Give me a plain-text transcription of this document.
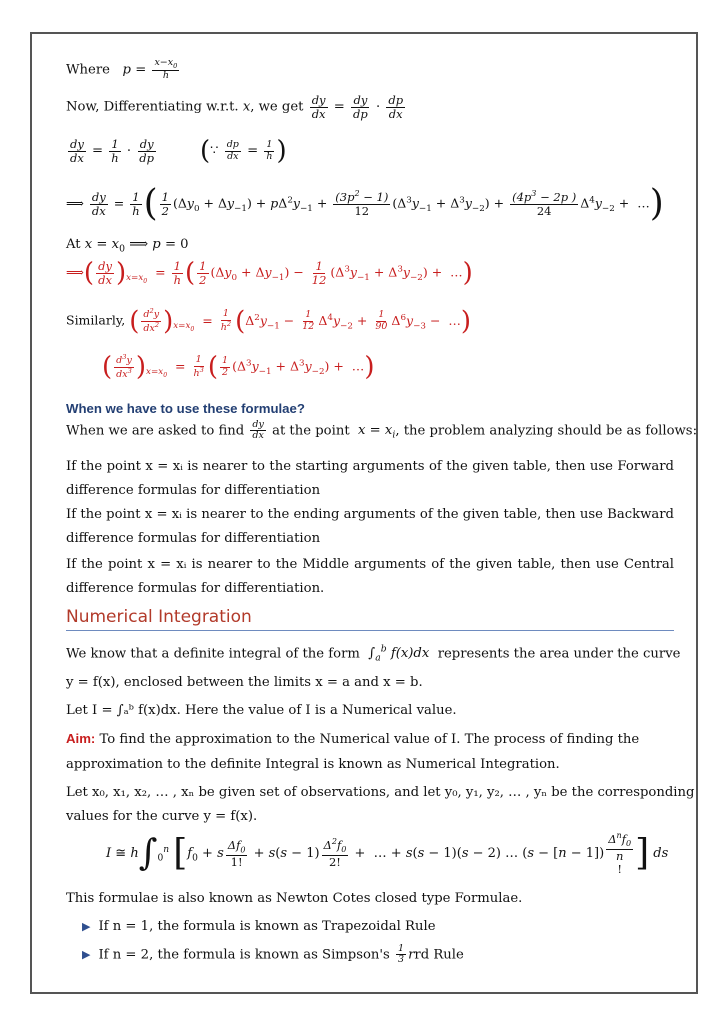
Where   $p = \frac{x-x_0}{h}$
Now, Differentiating w.r.t. x, we get $\frac{dy}{dx} = \frac{dy}{dp} \cdot \frac{dp}{dx}$
$\frac{dy}{dx} = \frac{1}{h} \cdot \frac{dy}{dp}$ (∵ $\frac{dp}{dx} = \frac{1}{h}$ )
⟹ $\frac{dy}{dx} = \frac{1}{h}$ ( $\frac{1}{2} (\Delta y_0 + \Delta y_{-1}) + p\Delta^2y_{-1} + \frac{(3p^2 - 1)}{12} (\Delta^3y_{-1} + \Delta^3y_{-2}) + \frac{(4p^3 - 2p )}{24} \Delta^4y_{-2}$ +  …)
At $x = x_0$ ⟹ p = 0
⟹( $\frac{dy}{dx} )_{x=x_0} = \frac{1}{h}$ ( $\frac{1}{2} (\Delta y_0 + \Delta y_{-1}) - \frac{1}{12} (\Delta^3y_{-1} + \Delta^3y_{-2})$ +  …)
Similarly, ( $\frac{d^2y}{dx^2} )_{x=x_0} = \frac{1}{h^2} (\Delta^2y_{-1} - \frac{1}{12} \Delta^4y_{-2} + \frac{1}{90} \Delta^6y_{-3}$ −  …)
( $\frac{d^3y}{dx^3} )_{x=x_0} = \frac{1}{h^3}$ ( $\frac{1}{2} (\Delta^3y_{-1} + \Delta^3y_{-2})$ +  …)
When we have to use these formulae?
When we are asked to find $\frac{dy}{dx}$ at the point  $x = x_i$, the problem analyzing should be as follows:
If the point x = xᵢ is nearer to the starting arguments of the given table, then use Forward
difference formulas for differentiation
If the point x = xᵢ is nearer to the ending arguments of the given table, then use Backward
difference formulas for differentiation
If the point x = xᵢ is nearer to the Middle arguments of the given table, then use Central
difference formulas for differentiation.
Numerical Integration
We know that a definite integral of the form  $\int_a^b$ f(x)dx  represents the area under the curve
y = f(x), enclosed between the limits x = a and x = b.
Let I = ∫ₐᵇ f(x)dx. Here the value of I is a Numerical value.
Aim: To find the approximation to the Numerical value of I. The process of finding the
approximation to the definite Integral is known as Numerical Integration.
Let x₀, x₁, x₂, … , xₙ be given set of observations, and let y₀, y₁, y₂, … , yₙ be the corresponding
values for the curve y = f(x).
I ≅ $h\int_0^n$ [$f_0 + s \frac{\Delta f_0}{1!} + s(s - 1) \frac{\Delta^2f_0}{2!}$ +  … + s(s − 1)(s − 2) … (s − [n − 1])
$\Delta^nf_0$
n
! ] ds
This formulae is also known as Newton Cotes closed type Formulae.
▶ If n = 1, the formula is known as Trapezoidal Rule
▶ If n = 2, the formula is known as Simpson's $\frac{1}{3}$ rrd Rule
